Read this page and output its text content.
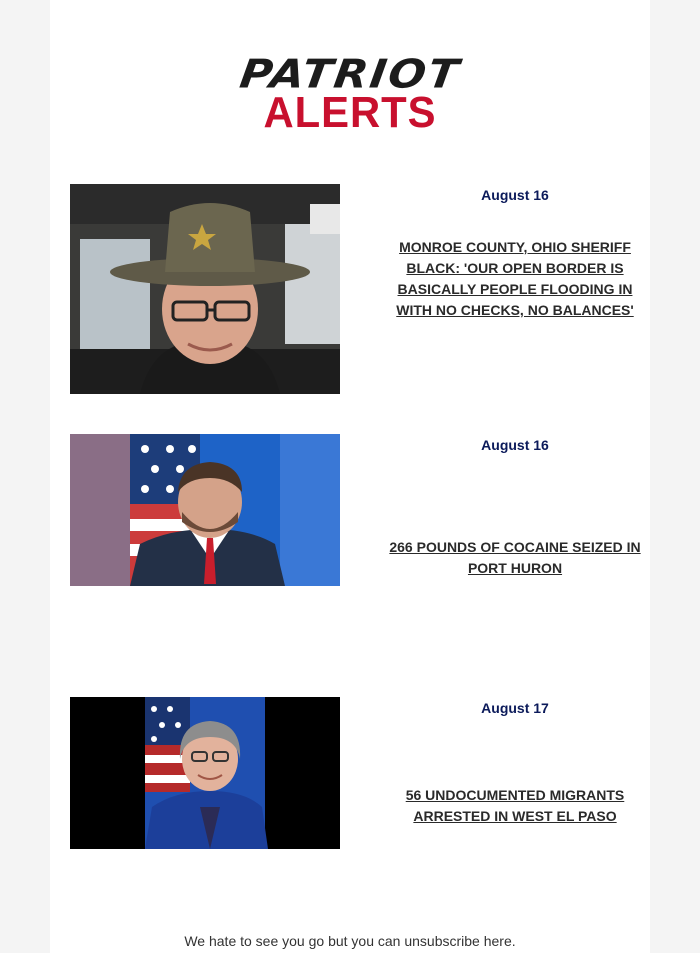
PATRIOT
ALERTS
August 16
MONROE COUNTY, OHIO SHERIFF BLACK: 'OUR OPEN BORDER IS BASICALLY PEOPLE FLOODING IN WITH NO CHECKS, NO BALANCES'
August 16
266 POUNDS OF COCAINE SEIZED IN PORT HURON
August 17
56 UNDOCUMENTED MIGRANTS ARRESTED IN WEST EL PASO
We hate to see you go but you can unsubscribe here.
